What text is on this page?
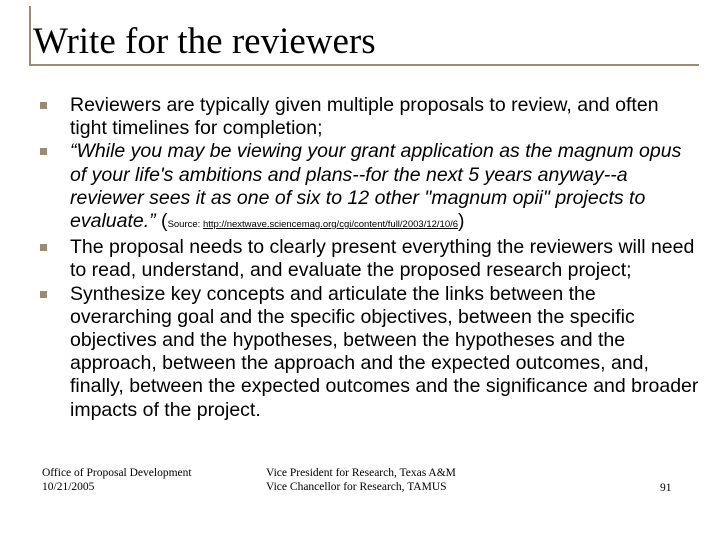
Write for the reviewers
Reviewers are typically given multiple proposals to review, and often tight timelines for completion;
“While you may be viewing your grant application as the magnum opus of your life's ambitions and plans--for the next 5 years anyway--a reviewer sees it as one of six to 12 other "magnum opii" projects to evaluate.” (Source: http://nextwave.sciencemag.org/cgi/content/full/2003/12/10/6)
The proposal needs to clearly present everything the reviewers will need to read, understand, and evaluate the proposed research project;
Synthesize key concepts and articulate the links between the overarching goal and the specific objectives, between the specific objectives and the hypotheses, between the hypotheses and the approach, between the approach and the expected outcomes, and, finally, between the expected outcomes and the significance and broader impacts of the project.
Office of Proposal Development
10/21/2005
Vice President for Research, Texas A&M
Vice Chancellor for Research, TAMUS	91
